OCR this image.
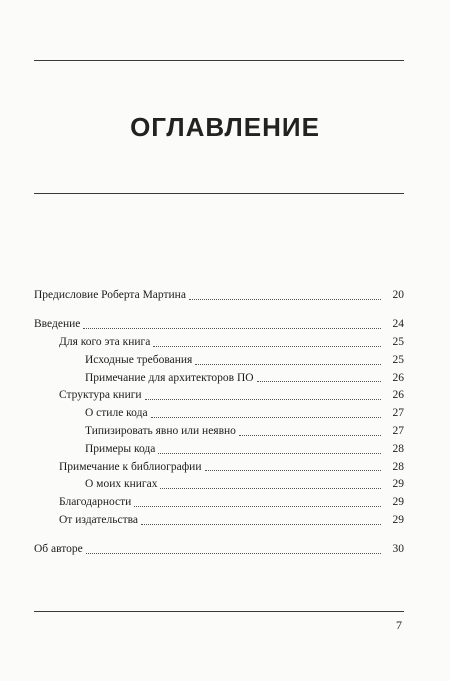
ОГЛАВЛЕНИЕ
Предисловие Роберта Мартина	20
Введение	24
Для кого эта книга	25
Исходные требования	25
Примечание для архитекторов ПО	26
Структура книги	26
О стиле кода	27
Типизировать явно или неявно	27
Примеры кода	28
Примечание к библиографии	28
О моих книгах	29
Благодарности	29
От издательства	29
Об авторе	30
7
